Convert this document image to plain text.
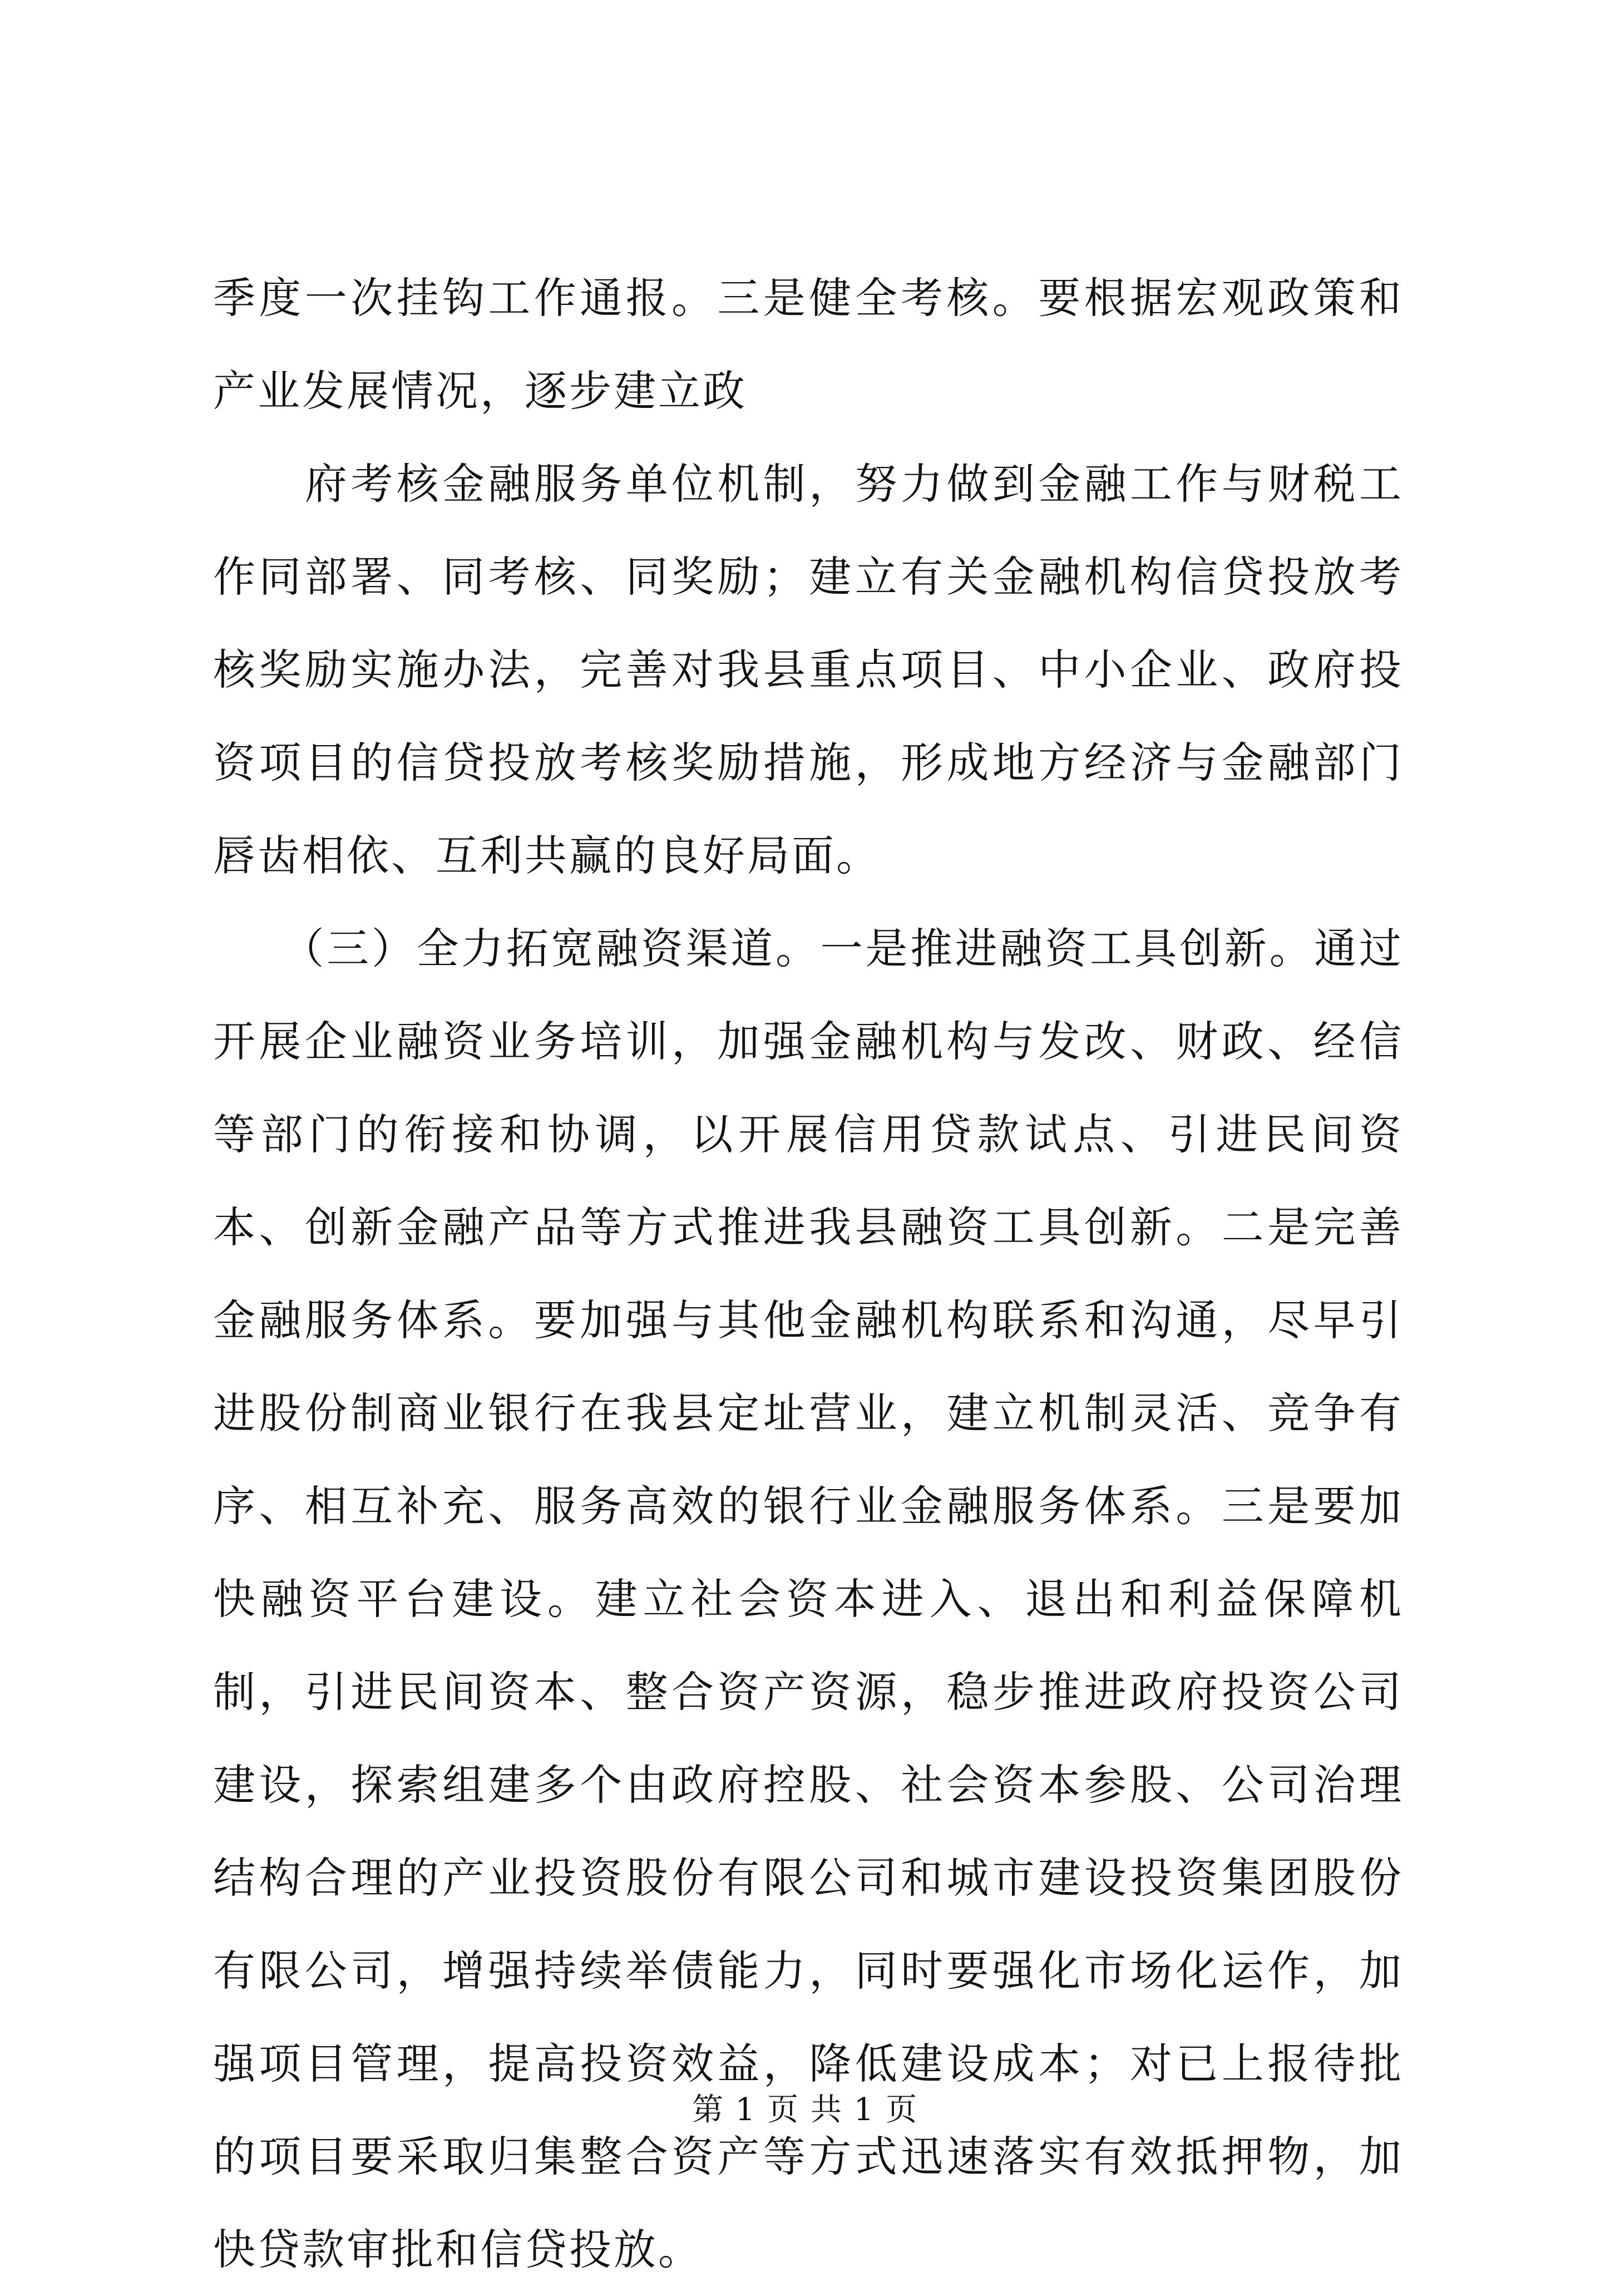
季度一次挂钩工作通报。三是健全考核。要根据宏观政策和产业发展情况，逐步建立政

　　府考核金融服务单位机制，努力做到金融工作与财税工作同部署、同考核、同奖励；建立有关金融机构信贷投放考核奖励实施办法，完善对我县重点项目、中小企业、政府投资项目的信贷投放考核奖励措施，形成地方经济与金融部门唇齿相依、互利共赢的良好局面。

　　（三）全力拓宽融资渠道。一是推进融资工具创新。通过开展企业融资业务培训，加强金融机构与发改、财政、经信等部门的衔接和协调，以开展信用贷款试点、引进民间资本、创新金融产品等方式推进我县融资工具创新。二是完善金融服务体系。要加强与其他金融机构联系和沟通，尽早引进股份制商业银行在我县定址营业，建立机制灵活、竞争有序、相互补充、服务高效的银行业金融服务体系。三是要加快融资平台建设。建立社会资本进入、退出和利益保障机制，引进民间资本、整合资产资源，稳步推进政府投资公司建设，探索组建多个由政府控股、社会资本参股、公司治理结构合理的产业投资股份有限公司和城市建设投资集团股份有限公司，增强持续举债能力，同时要强化市场化运作，加强项目管理，提高投资效益，降低建设成本；对已上报待批的项目要采取归集整合资产等方式迅速落实有效抵押物，加快贷款审批和信贷投放。

第 1 页 共 1 页
